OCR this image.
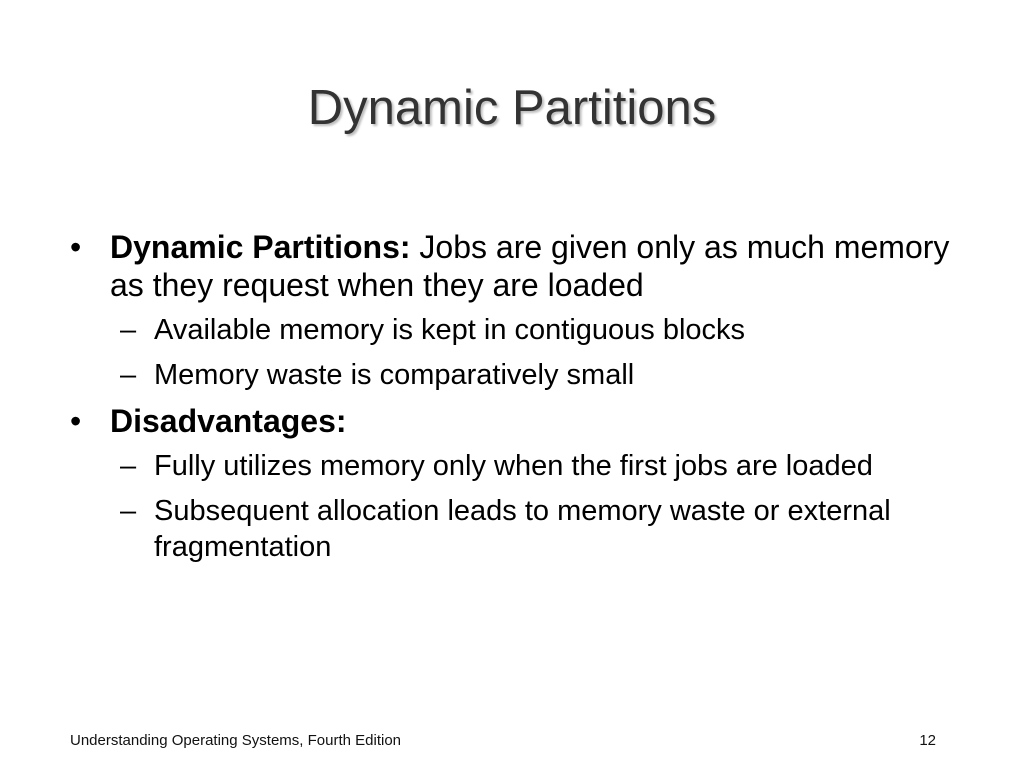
Dynamic Partitions
• Dynamic Partitions: Jobs are given only as much memory as they request when they are loaded
– Available memory is kept in contiguous blocks
– Memory waste is comparatively small
• Disadvantages:
– Fully utilizes memory only when the first jobs are loaded
– Subsequent allocation leads to memory waste or external fragmentation
Understanding Operating Systems, Fourth Edition	12
